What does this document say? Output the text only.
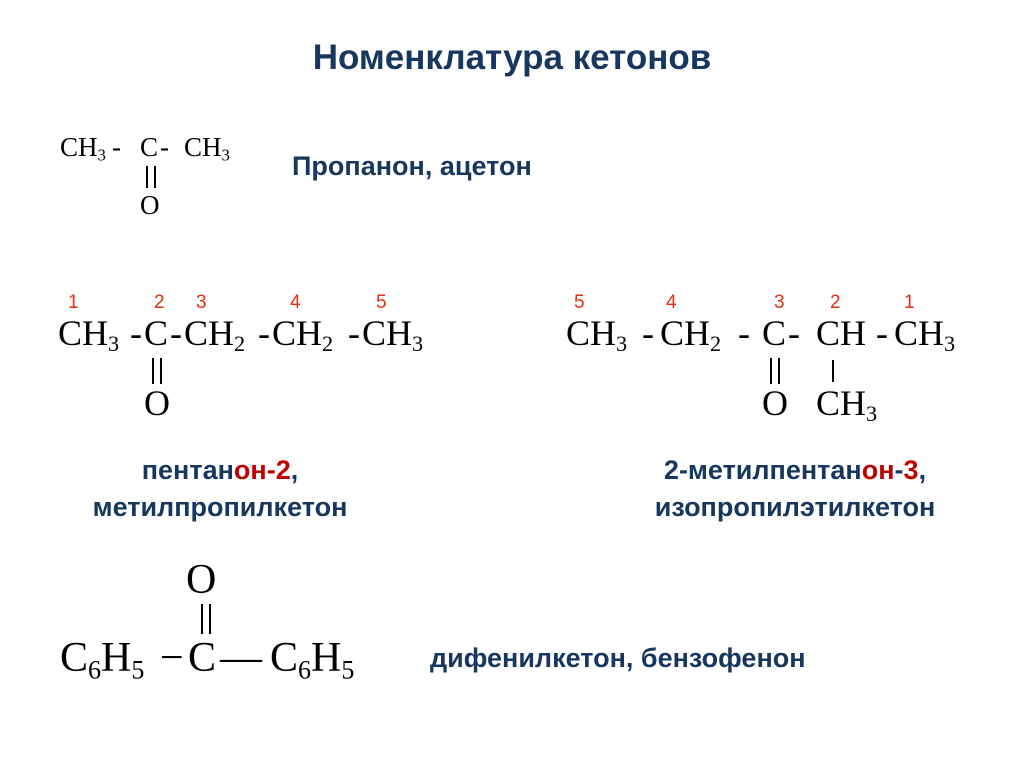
Номенклатура кетонов
$CH_3$ - C - $CH_3$
O
Пропанон, ацетон
1	2 3	4	5
$CH_3$ - C - $CH_2 - CH_2 - CH_3$
O
пентанон-2,
метилпропилкетон
5	4	3 2	1
$CH_3 - CH_2$ - C - CH - $CH_3$
O $CH_3$
2-метилпентанон-3,
изопропилэтилкетон
O
$C_6H_5 - C$ — $C_6H_5$	дифенилкетон, бензофенон
